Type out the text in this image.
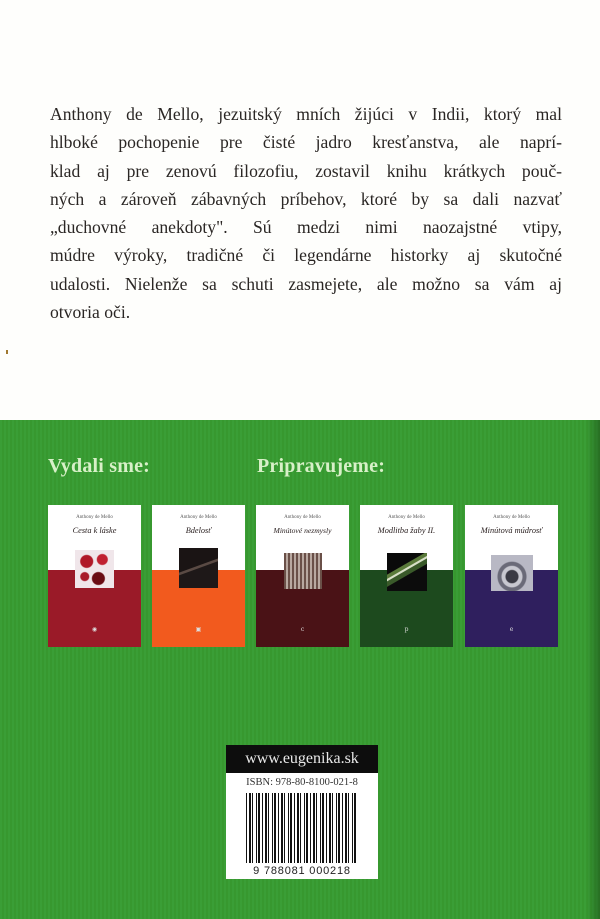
Anthony de Mello, jezuitský mních žijúci v Indii, ktorý mal
hlboké pochopenie pre čisté jadro kresťanstva, ale naprí-
klad aj pre zenovú filozofiu, zostavil knihu krátkych pouč-
ných a zároveň zábavných príbehov, ktoré by sa dali nazvať
„duchovné anekdoty". Sú medzi nimi naozajstné vtipy,
múdre výroky, tradičné či legendárne historky aj skutočné
udalosti. Nielenže sa schuti zasmejete, ale možno sa vám aj
otvoria oči.
Vydali sme:	Pripravujeme:
Anthony de Mello
Cesta k láske
◉
Anthony de Mello
Bdelosť
▣
Anthony de Mello
Minútové nezmysly
c
Anthony de Mello
Modlitba žaby II.
p
Anthony de Mello
Minútová múdrosť
e
www.eugenika.sk
ISBN: 978-80-8100-021-8
9 788081 000218
